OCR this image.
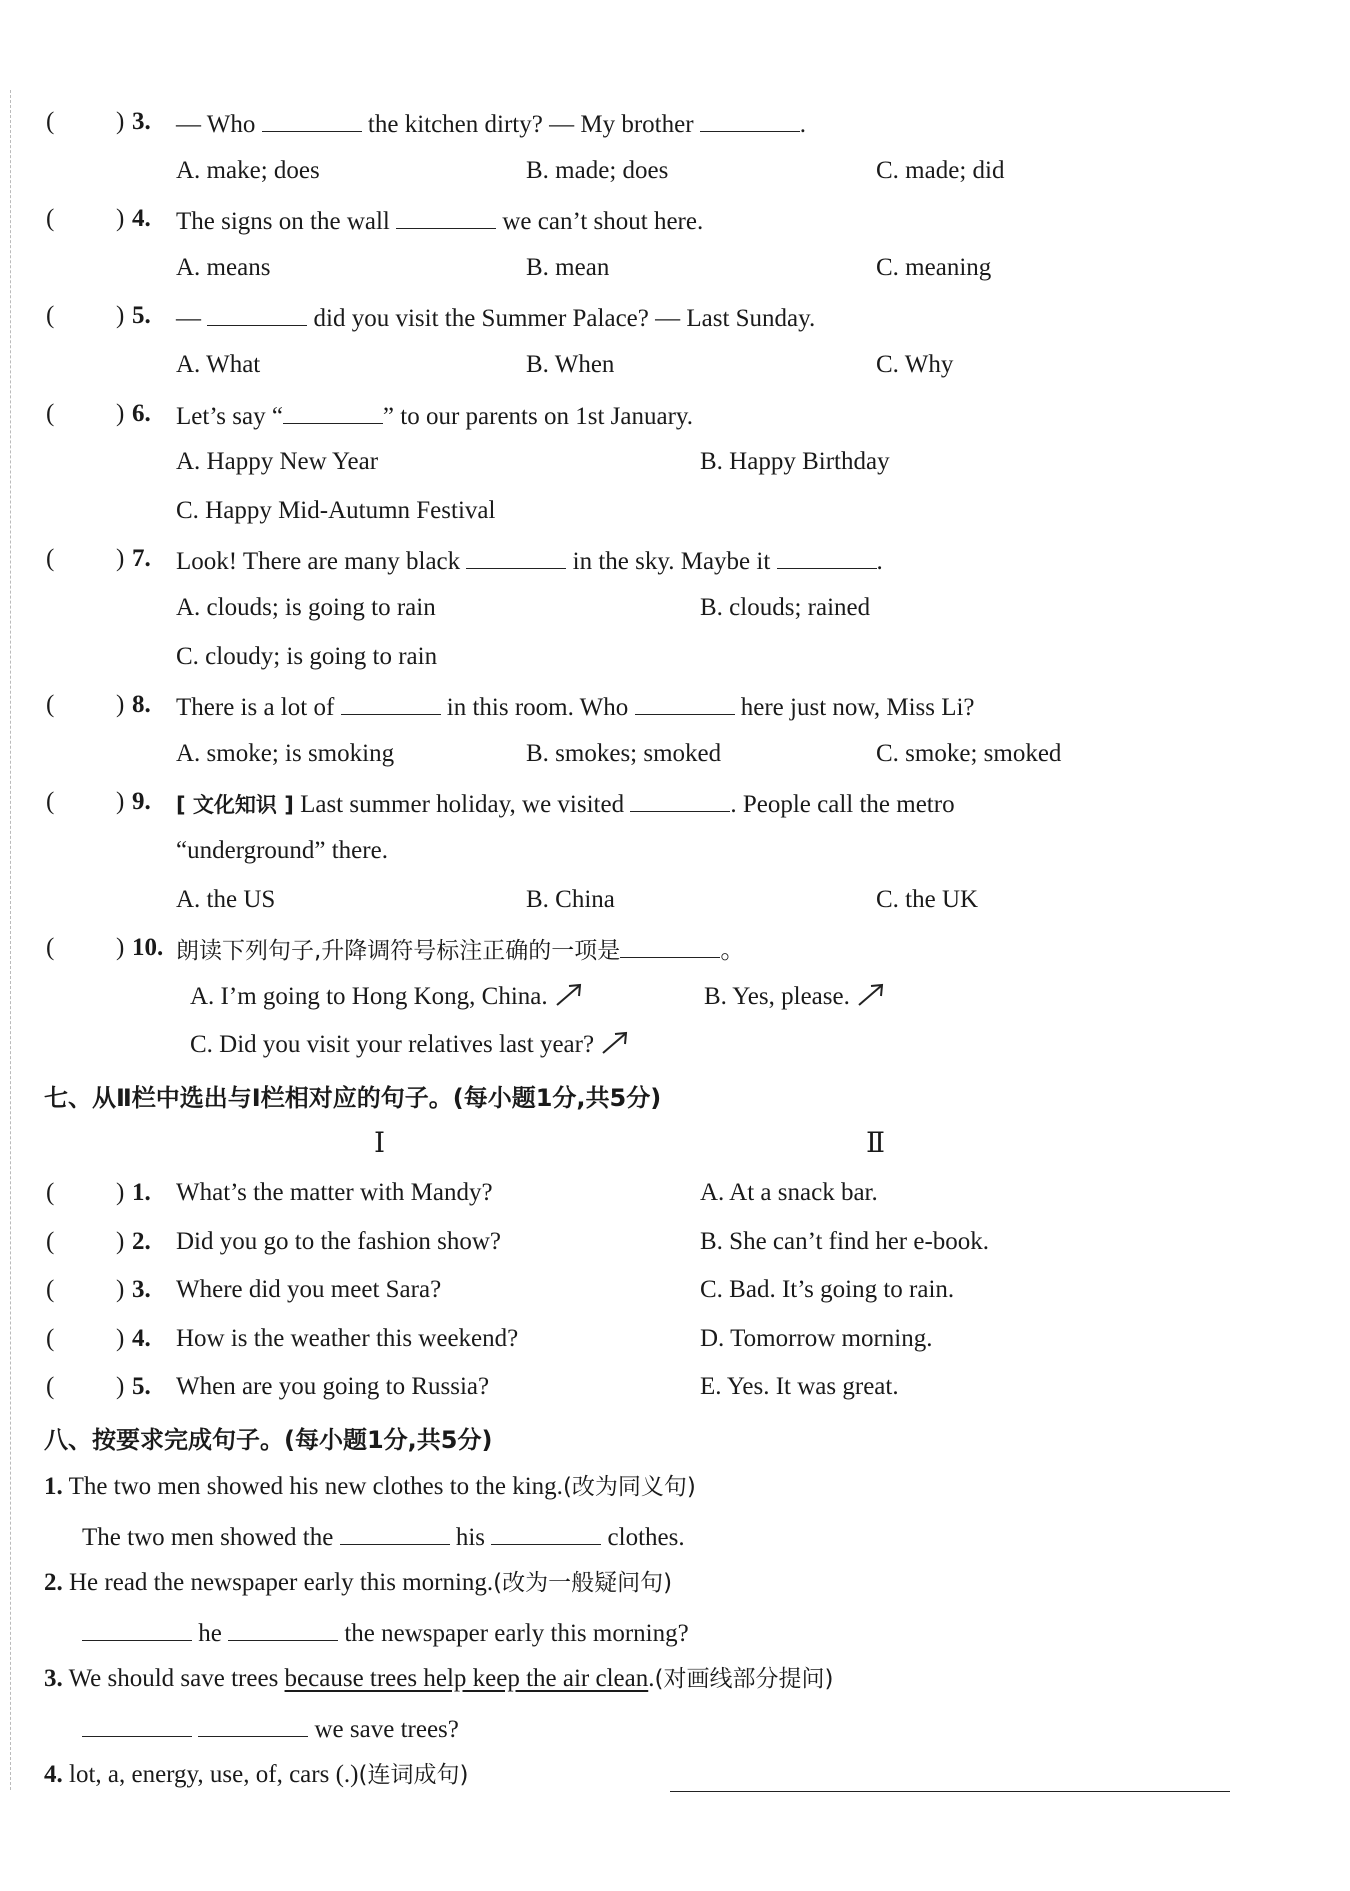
( ) 3. — Who	the kitchen dirty? — My brother	.
A. make; does	B. made; does	C. made; did
( ) 4. The signs on the wall	we can’t shout here.
A. means	B. mean	C. meaning
( ) 5. —	did you visit the Summer Palace? — Last Sunday.
A. What	B. When	C. Why
( ) 6. Let’s say “	” to our parents on 1st January.
A. Happy New Year	B. Happy Birthday
C. Happy Mid-Autumn Festival
( ) 7. Look! There are many black	in the sky. Maybe it	.
A. clouds; is going to rain	B. clouds; rained
C. cloudy; is going to rain
( ) 8. There is a lot of	in this room. Who	here just now, Miss Li?
A. smoke; is smoking	B. smokes; smoked	C. smoke; smoked
( ) 9. [ 文化知识 ] Last summer holiday, we visited	. People call the metro
“underground” there.
A. the US	B. China	C. the UK
( ) 10. 朗读下列句子,升降调符号标注正确的一项是	。
A. I’m going to Hong Kong, China.	B. Yes, please.
C. Did you visit your relatives last year?
七、从Ⅱ栏中选出与Ⅰ栏相对应的句子。(每小题1分,共5分)
Ⅰ	Ⅱ
( ) 1. What’s the matter with Mandy?	A. At a snack bar.
( ) 2. Did you go to the fashion show?	B. She can’t find her e-book.
( ) 3. Where did you meet Sara?	C. Bad. It’s going to rain.
( ) 4. How is the weather this weekend?	D. Tomorrow morning.
( ) 5. When are you going to Russia?	E. Yes. It was great.
八、按要求完成句子。(每小题1分,共5分)
1. The two men showed his new clothes to the king.(改为同义句)
The two men showed the	his	clothes.
2. He read the newspaper early this morning.(改为一般疑问句)
he	the newspaper early this morning?
3. We should save trees because trees help keep the air clean.(对画线部分提问)
we save trees?
4. lot, a, energy, use, of, cars (.)(连词成句)
